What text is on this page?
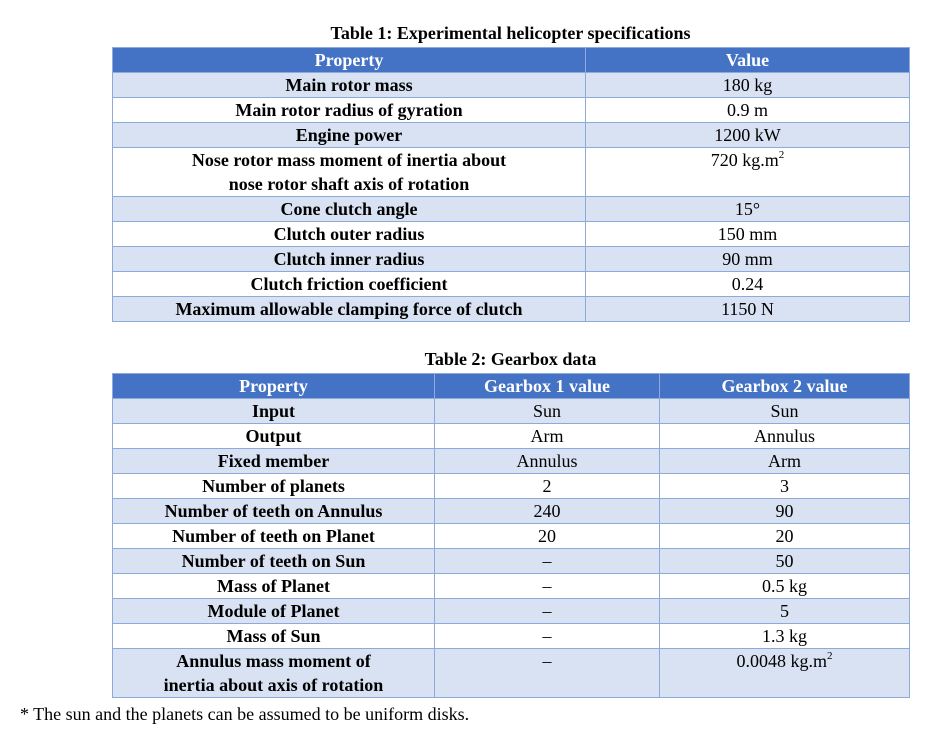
Table 1: Experimental helicopter specifications
Property	Value
Main rotor mass	180 kg
Main rotor radius of gyration	0.9 m
Engine power	1200 kW
Nose rotor mass moment of inertia about
nose rotor shaft axis of rotation	720 $kg.m^2$
Cone clutch angle	15°
Clutch outer radius	150 mm
Clutch inner radius	90 mm
Clutch friction coefficient	0.24
Maximum allowable clamping force of clutch	1150 N
Table 2: Gearbox data
Property	Gearbox 1 value	Gearbox 2 value
Input	Sun	Sun
Output	Arm	Annulus
Fixed member	Annulus	Arm
Number of planets	2	3
Number of teeth on Annulus	240	90
Number of teeth on Planet	20	20
Number of teeth on Sun	–	50
Mass of Planet	–	0.5 kg
Module of Planet	–	5
Mass of Sun	–	1.3 kg
Annulus mass moment of
inertia about axis of rotation	–	0.0048 $kg.m^2$
* The sun and the planets can be assumed to be uniform disks.
